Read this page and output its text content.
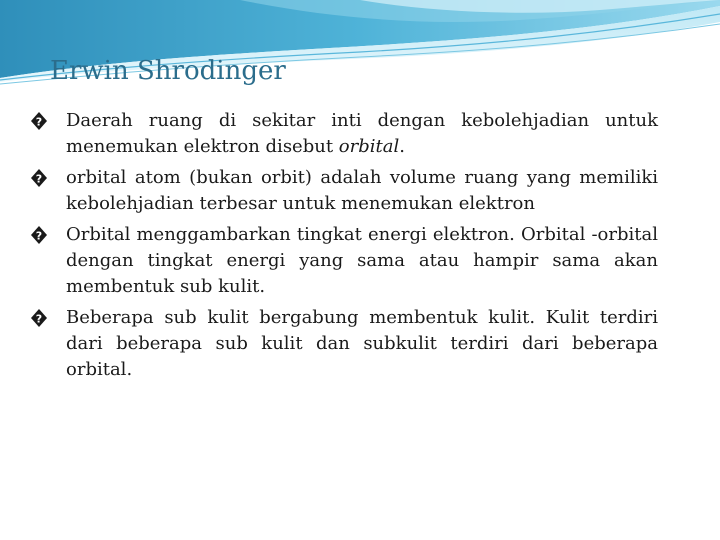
Erwin Shrodinger
? Daerah ruang di sekitar inti dengan kebolehjadian untuk menemukan elektron disebut orbital.
? orbital atom (bukan orbit) adalah volume ruang yang memiliki kebolehjadian terbesar untuk menemukan elektron
? Orbital menggambarkan tingkat energi elektron. Orbital -orbital dengan tingkat energi yang sama atau hampir sama akan membentuk sub kulit.
? Beberapa sub kulit bergabung membentuk kulit. Kulit terdiri dari beberapa sub kulit dan subkulit terdiri dari beberapa orbital.
